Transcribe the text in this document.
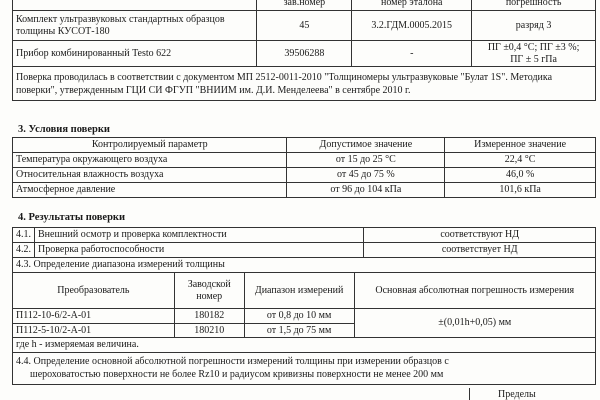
	зав.номер	номер эталона	погрешность
Комплект ультразвуковых стандартных образцов толщины КУСОТ-180	45	3.2.ГДМ.0005.2015	разряд 3
Прибор комбинированный Testo 622	39506288	-	ПГ ±0,4 °С; ПГ ±3 %;
ПГ ± 5 гПа

Поверка проводилась в соответствии с документом МП 2512-0011-2010 "Толщиномеры ультразвуковые "Булат 1S". Методика поверки", утвержденным ГЦИ СИ ФГУП "ВНИИМ им. Д.И. Менделеева" в сентябре 2010 г.			
3. Условия поверки
Контролируемый параметр	Допустимое значение	Измеренное значение
Температура окружающего воздуха	от 15 до 25 °С	22,4 °С
Относительная влажность воздуха	от 45 до 75 %	46,0 %
Атмосферное давление	от 96 до 104 кПа	101,6 кПа
4. Результаты поверки
4.1.	Внешний осмотр и проверка комплектности	соответствуют НД
4.2.	Проверка работоспособности	соответствует НД
4.3. Определение диапазона измерений толщины		
Преобразователь	Заводской номер	Диапазон измерений	Основная абсолютная погрешность измерения
П112-10-6/2-А-01	180182	от 0,8 до 10 мм	±(0,01h+0,05) мм
П112-5-10/2-А-01	180210	от 1,5 до 75 мм	
где h - измеряемая величина.			

4.4. Определение основной абсолютной погрешности измерений толщины при измерении образцов с
шероховатостью поверхности не более Rz10 и радиусом кривизны поверхности не менее 200 мм			
Пределы
